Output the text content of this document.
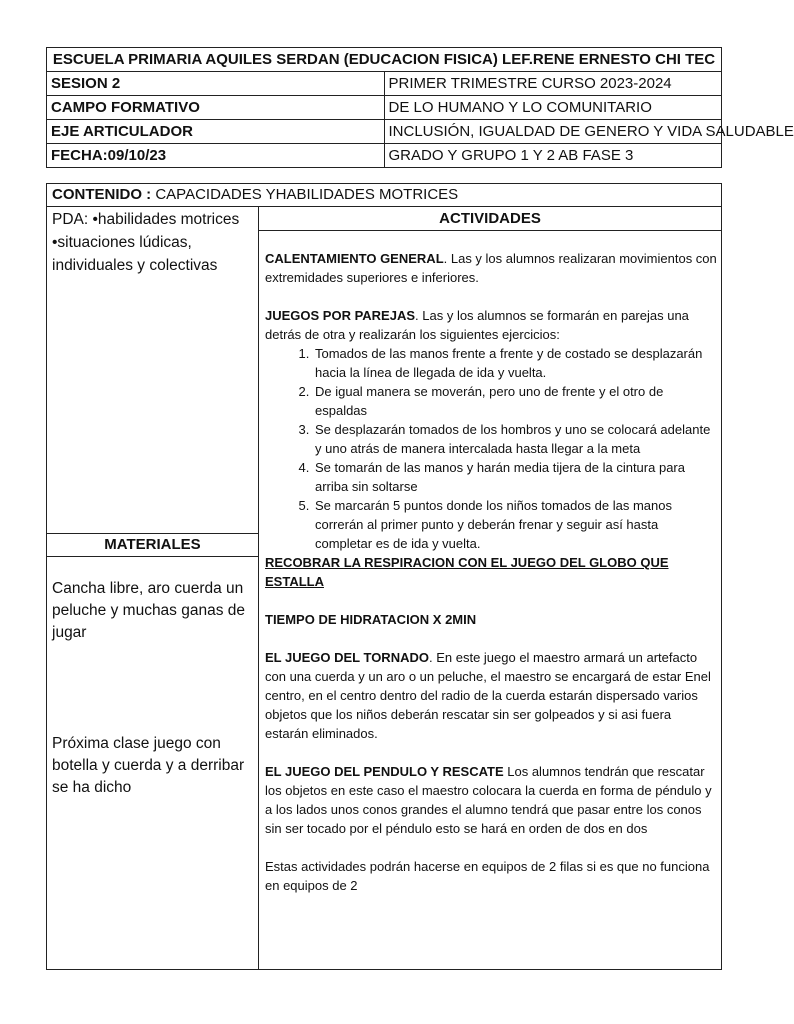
ESCUELA PRIMARIA AQUILES SERDAN (EDUCACION FISICA) LEF.RENE ERNESTO CHI TEC	
SESION 2	PRIMER TRIMESTRE CURSO 2023-2024
CAMPO FORMATIVO	DE LO HUMANO Y LO COMUNITARIO
EJE ARTICULADOR	INCLUSIÓN, IGUALDAD DE GENERO Y VIDA SALUDABLE
FECHA:09/10/23	GRADO Y GRUPO 1 Y 2 AB FASE 3
CONTENIDO : CAPACIDADES YHABILIDADES MOTRICES
PDA: •habilidades motrices
•situaciones lúdicas, individuales y colectivas
MATERIALES
Cancha libre, aro cuerda un peluche y muchas ganas de jugar
Próxima clase juego con botella y cuerda y a derribar se ha dicho
ACTIVIDADES

CALENTAMIENTO GENERAL. Las y los alumnos realizaran movimientos con extremidades superiores e inferiores.

JUEGOS POR PAREJAS. Las y los alumnos se formarán en parejas una detrás de otra y realizarán los siguientes ejercicios:

1. Tomados de las manos frente a frente y de costado se desplazarán hacia la línea de llegada de ida y vuelta.
2. De igual manera se moverán, pero uno de frente y el otro de espaldas
3. Se desplazarán tomados de los hombros y uno se colocará adelante y uno atrás de manera intercalada hasta llegar a la meta
4. Se tomarán de las manos y harán media tijera de la cintura para arriba sin soltarse
5. Se marcarán 5 puntos donde los niños tomados de las manos correrán al primer punto y deberán frenar y seguir así hasta completar es de ida y vuelta.

RECOBRAR LA RESPIRACION CON EL JUEGO DEL GLOBO QUE ESTALLA

TIEMPO DE HIDRATACION X 2MIN

EL JUEGO DEL TORNADO. En este juego el maestro armará un artefacto con una cuerda y un aro o un peluche, el maestro se encargará de estar Enel centro, en el centro dentro del radio de la cuerda estarán dispersado varios objetos que los niños deberán rescatar sin ser golpeados y si asi fuera estarán eliminados.

EL JUEGO DEL PENDULO Y RESCATE Los alumnos tendrán que rescatar los objetos en este caso el maestro colocara la cuerda en forma de péndulo y a los lados unos conos grandes el alumno tendrá que pasar entre los conos sin ser tocado por el péndulo esto se hará en orden de dos en dos

Estas actividades podrán hacerse en equipos de 2 filas si es que no funciona en equipos de 2
